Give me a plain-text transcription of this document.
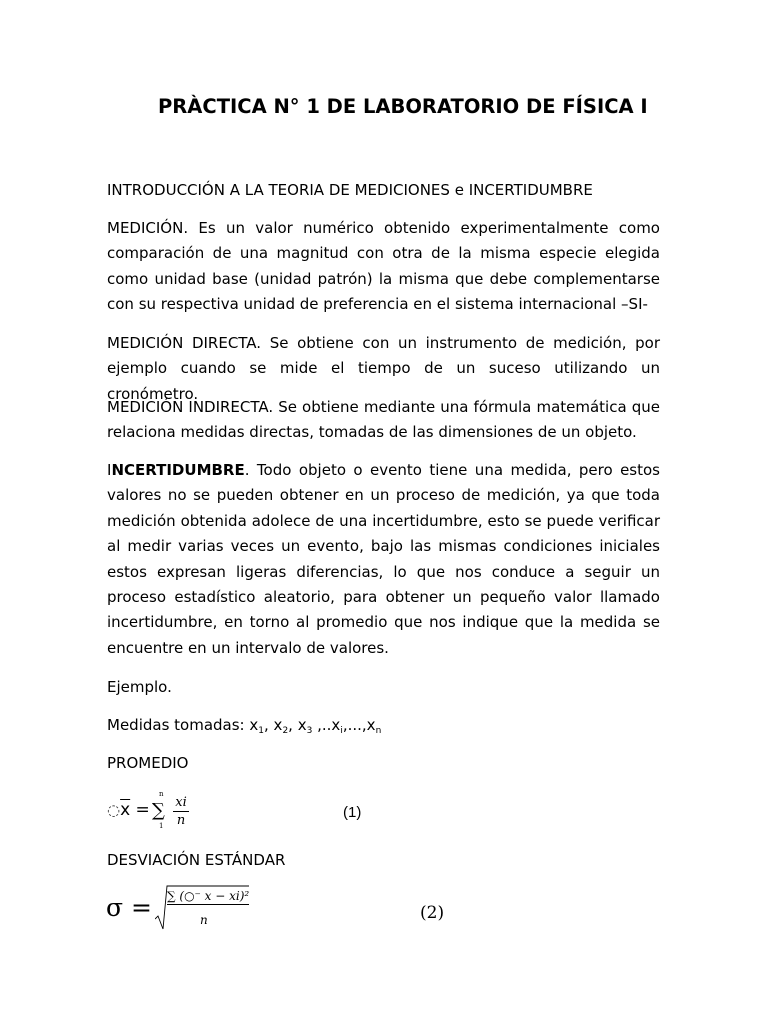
PRÀCTICA N° 1 DE LABORATORIO DE FÍSICA I
INTRODUCCIÓN A LA TEORIA DE MEDICIONES e INCERTIDUMBRE
MEDICIÓN. Es un valor numérico obtenido experimentalmente como comparación de una magnitud con otra de la misma especie elegida como unidad base (unidad patrón) la misma que debe complementarse con su respectiva unidad de preferencia en el sistema internacional –SI-
MEDICIÓN DIRECTA. Se obtiene con un instrumento de medición, por ejemplo cuando se mide el tiempo de un suceso utilizando un cronómetro.
MEDICIÓN INDIRECTA. Se obtiene mediante una fórmula matemática que relaciona medidas directas, tomadas de las dimensiones de un objeto.
INCERTIDUMBRE. Todo objeto o evento tiene una medida, pero estos valores no se pueden obtener en un proceso de medición, ya que toda medición obtenida adolece de una incertidumbre, esto se puede verificar al medir varias veces un evento, bajo las mismas condiciones iniciales estos expresan ligeras diferencias, lo que nos conduce a seguir un proceso estadístico aleatorio, para obtener un pequeño valor llamado incertidumbre, en torno al promedio que nos indique que la medida se encuentre en un intervalo de valores.
Ejemplo.
Medidas tomadas: $x_1$, $x_2$, $x_3$ $,..x_i,...,x_n$
PROMEDIO
$◌\overline{x}$ = ∑
n
$1 \frac{xi}{n}$	(1)
DESVIACIÓN ESTÁNDAR
$\sigma = \frac{\text{∑ (○⁻ x − xi)²}}{n}$	(2)
